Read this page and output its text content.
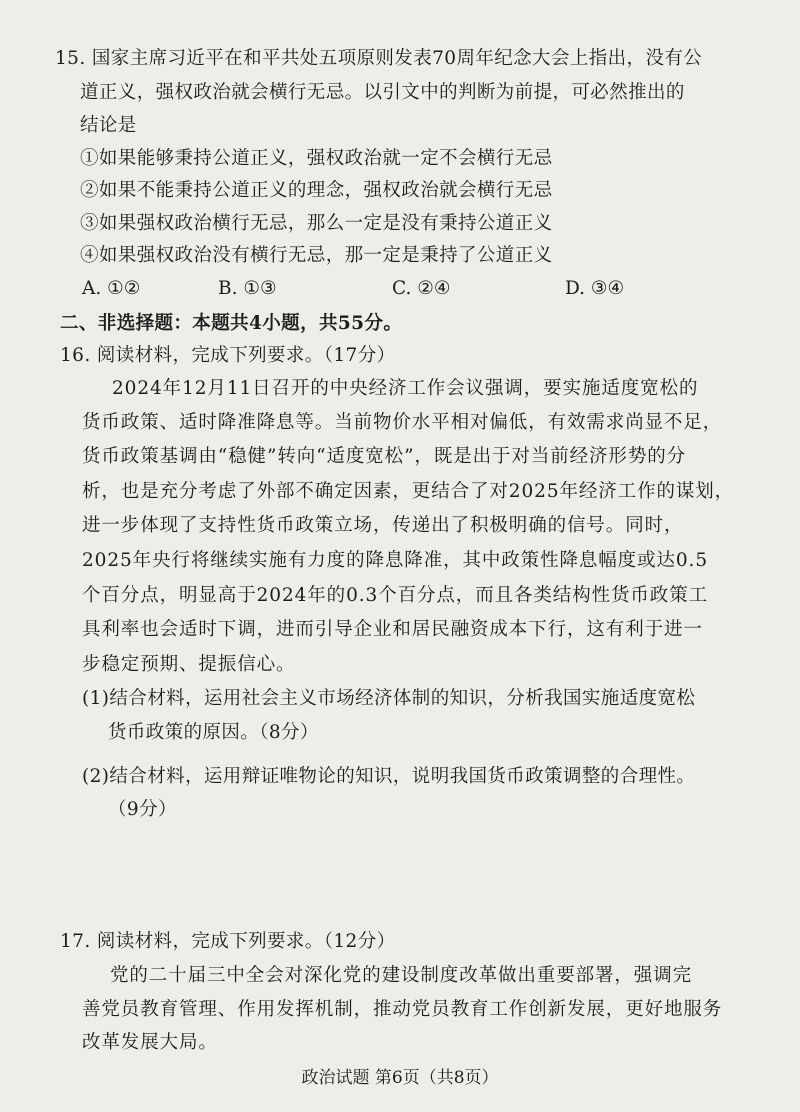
15. 国家主席习近平在和平共处五项原则发表70周年纪念大会上指出，没有公
道正义，强权政治就会横行无忌。以引文中的判断为前提，可必然推出的
结论是
①如果能够秉持公道正义，强权政治就一定不会横行无忌
②如果不能秉持公道正义的理念，强权政治就会横行无忌
③如果强权政治横行无忌，那么一定是没有秉持公道正义
④如果强权政治没有横行无忌，那一定是秉持了公道正义
A. ①②	B. ①③	C. ②④	D. ③④
二、非选择题：本题共4小题，共55分。
16. 阅读材料，完成下列要求。（17分）
2024年12月11日召开的中央经济工作会议强调，要实施适度宽松的
货币政策、适时降准降息等。当前物价水平相对偏低，有效需求尚显不足，
货币政策基调由“稳健”转向“适度宽松”，既是出于对当前经济形势的分
析，也是充分考虑了外部不确定因素，更结合了对2025年经济工作的谋划，
进一步体现了支持性货币政策立场，传递出了积极明确的信号。同时，
2025年央行将继续实施有力度的降息降准，其中政策性降息幅度或达0.5
个百分点，明显高于2024年的0.3个百分点，而且各类结构性货币政策工
具利率也会适时下调，进而引导企业和居民融资成本下行，这有利于进一
步稳定预期、提振信心。
(1)结合材料，运用社会主义市场经济体制的知识，分析我国实施适度宽松
货币政策的原因。（8分）
(2)结合材料，运用辩证唯物论的知识，说明我国货币政策调整的合理性。
（9分）
17. 阅读材料，完成下列要求。（12分）
党的二十届三中全会对深化党的建设制度改革做出重要部署，强调完
善党员教育管理、作用发挥机制，推动党员教育工作创新发展，更好地服务
改革发展大局。
政治试题 第6页（共8页）
